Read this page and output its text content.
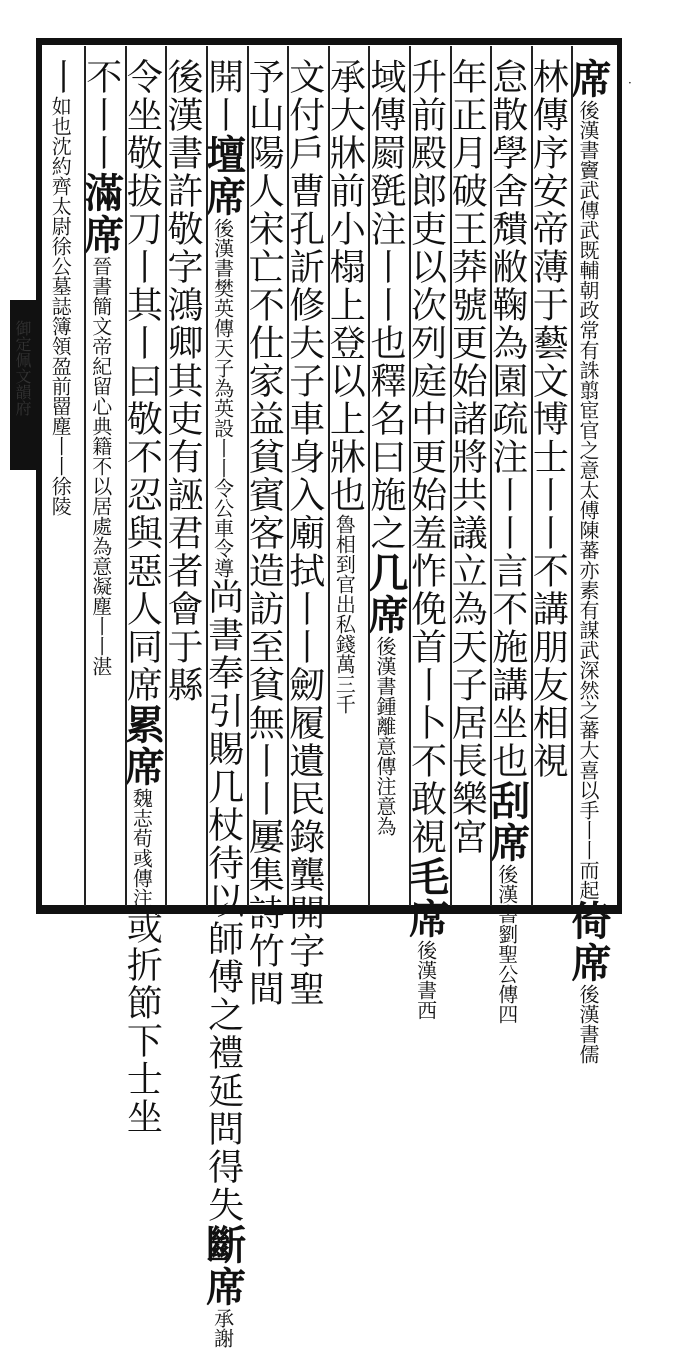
御定佩文韻府
·
席後漢書竇武傳武既輔朝政常有誅翦宦官之意太傅陳蕃亦素有謀武深然之蕃大喜以手丨丨而起倚席後漢書儒
林傳序安帝薄于藝文博士丨丨不講朋友相視
怠散學舍穨敝鞠為園疏注丨丨言不施講坐也刮席後漢書劉聖公傳四
年正月破王莽號更始諸將共議立為天子居長樂宮
升前殿郎吏以次列庭中更始羞怍俛首丨卜不敢視毛席後漢書西
域傳罽㲪注丨丨也釋名曰施之几席後漢書鍾離意傳注意為
承大牀前小榻上登以上牀也魯相到官出私錢萬三千
文付戶曹孔訢修夫子車身入廟拭丨丨劒履遺民錄龔開字聖
予山陽人宋亡不仕家益貧賓客造訪至貧無丨丨屢集詩竹間
開丨壇席後漢書樊英傳天子為英設丨丨令公車令導尚書奉引賜几杖待以師傅之禮延問得失斷席承謝
後漢書許敬字鴻卿其吏有誣君者會于縣
令坐敬拔刀丨其丨曰敬不忍與惡人同席累席魏志荀彧傳注或折節下士坐
不丨丨滿席晉書簡文帝紀留心典籍不以居處為意凝塵丨丨湛
丨如也沈約齊太尉徐公墓誌簿領盈前罶塵丨丨徐陵
